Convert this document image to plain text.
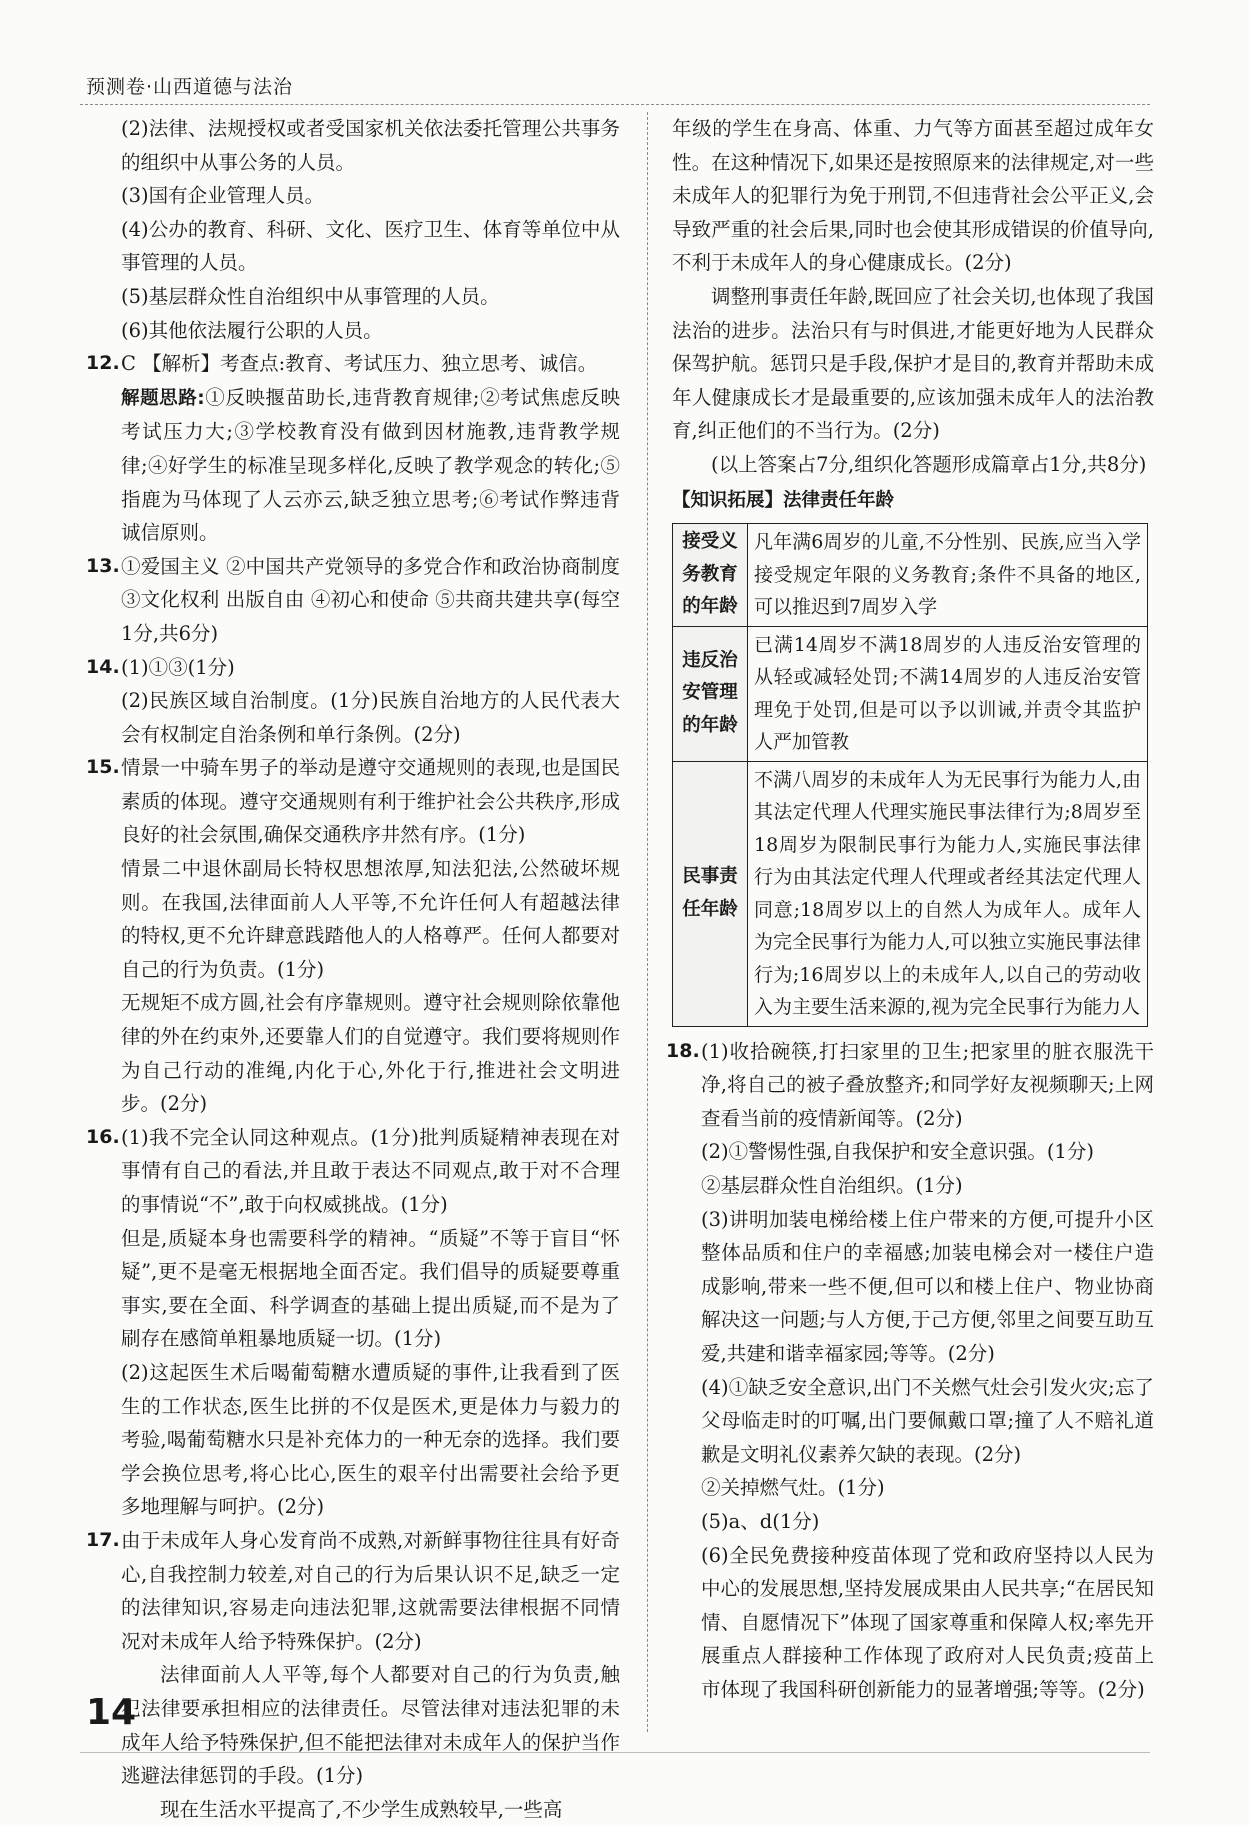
预测卷·山西道德与法治

(2)法律、法规授权或者受国家机关依法委托管理公共事务的组织中从事公务的人员。

(3)国有企业管理人员。

(4)公办的教育、科研、文化、医疗卫生、体育等单位中从事管理的人员。

(5)基层群众性自治组织中从事管理的人员。

(6)其他依法履行公职的人员。

12. C 【解析】考查点:教育、考试压力、独立思考、诚信。

解题思路:①反映揠苗助长,违背教育规律;②考试焦虑反映考试压力大;③学校教育没有做到因材施教,违背教学规律;④好学生的标准呈现多样化,反映了教学观念的转化;⑤指鹿为马体现了人云亦云,缺乏独立思考;⑥考试作弊违背诚信原则。

13. ①爱国主义 ②中国共产党领导的多党合作和政治协商制度 ③文化权利 出版自由 ④初心和使命 ⑤共商共建共享(每空1分,共6分)

14. (1)①③(1分)

(2)民族区域自治制度。(1分)民族自治地方的人民代表大会有权制定自治条例和单行条例。(2分)

15. 情景一中骑车男子的举动是遵守交通规则的表现,也是国民素质的体现。遵守交通规则有利于维护社会公共秩序,形成良好的社会氛围,确保交通秩序井然有序。(1分)

情景二中退休副局长特权思想浓厚,知法犯法,公然破坏规则。在我国,法律面前人人平等,不允许任何人有超越法律的特权,更不允许肆意践踏他人的人格尊严。任何人都要对自己的行为负责。(1分)

无规矩不成方圆,社会有序靠规则。遵守社会规则除依靠他律的外在约束外,还要靠人们的自觉遵守。我们要将规则作为自己行动的准绳,内化于心,外化于行,推进社会文明进步。(2分)

16. (1)我不完全认同这种观点。(1分)批判质疑精神表现在对事情有自己的看法,并且敢于表达不同观点,敢于对不合理的事情说“不”,敢于向权威挑战。(1分)

但是,质疑本身也需要科学的精神。“质疑”不等于盲目“怀疑”,更不是毫无根据地全面否定。我们倡导的质疑要尊重事实,要在全面、科学调查的基础上提出质疑,而不是为了刷存在感简单粗暴地质疑一切。(1分)

(2)这起医生术后喝葡萄糖水遭质疑的事件,让我看到了医生的工作状态,医生比拼的不仅是医术,更是体力与毅力的考验,喝葡萄糖水只是补充体力的一种无奈的选择。我们要学会换位思考,将心比心,医生的艰辛付出需要社会给予更多地理解与呵护。(2分)

17. 由于未成年人身心发育尚不成熟,对新鲜事物往往具有好奇心,自我控制力较差,对自己的行为后果认识不足,缺乏一定的法律知识,容易走向违法犯罪,这就需要法律根据不同情况对未成年人给予特殊保护。(2分)

法律面前人人平等,每个人都要对自己的行为负责,触犯法律要承担相应的法律责任。尽管法律对违法犯罪的未成年人给予特殊保护,但不能把法律对未成年人的保护当作逃避法律惩罚的手段。(1分)

现在生活水平提高了,不少学生成熟较早,一些高

年级的学生在身高、体重、力气等方面甚至超过成年女性。在这种情况下,如果还是按照原来的法律规定,对一些未成年人的犯罪行为免于刑罚,不但违背社会公平正义,会导致严重的社会后果,同时也会使其形成错误的价值导向,不利于未成年人的身心健康成长。(2分)

调整刑事责任年龄,既回应了社会关切,也体现了我国法治的进步。法治只有与时俱进,才能更好地为人民群众保驾护航。惩罚只是手段,保护才是目的,教育并帮助未成年人健康成长才是最重要的,应该加强未成年人的法治教育,纠正他们的不当行为。(2分)

(以上答案占7分,组织化答题形成篇章占1分,共8分)

【知识拓展】法律责任年龄

接受义务教育的年龄	凡年满6周岁的儿童,不分性别、民族,应当入学接受规定年限的义务教育;条件不具备的地区,可以推迟到7周岁入学
违反治安管理的年龄	已满14周岁不满18周岁的人违反治安管理的从轻或减轻处罚;不满14周岁的人违反治安管理免于处罚,但是可以予以训诫,并责令其监护人严加管教
民事责任年龄	不满八周岁的未成年人为无民事行为能力人,由其法定代理人代理实施民事法律行为;8周岁至18周岁为限制民事行为能力人,实施民事法律行为由其法定代理人代理或者经其法定代理人同意;18周岁以上的自然人为成年人。成年人为完全民事行为能力人,可以独立实施民事法律行为;16周岁以上的未成年人,以自己的劳动收入为主要生活来源的,视为完全民事行为能力人
18. (1)收拾碗筷,打扫家里的卫生;把家里的脏衣服洗干净,将自己的被子叠放整齐;和同学好友视频聊天;上网查看当前的疫情新闻等。(2分)

(2)①警惕性强,自我保护和安全意识强。(1分)

②基层群众性自治组织。(1分)

(3)讲明加装电梯给楼上住户带来的方便,可提升小区整体品质和住户的幸福感;加装电梯会对一楼住户造成影响,带来一些不便,但可以和楼上住户、物业协商解决这一问题;与人方便,于己方便,邻里之间要互助互爱,共建和谐幸福家园;等等。(2分)

(4)①缺乏安全意识,出门不关燃气灶会引发火灾;忘了父母临走时的叮嘱,出门要佩戴口罩;撞了人不赔礼道歉是文明礼仪素养欠缺的表现。(2分)

②关掉燃气灶。(1分)

(5)a、d(1分)

(6)全民免费接种疫苗体现了党和政府坚持以人民为中心的发展思想,坚持发展成果由人民共享;“在居民知情、自愿情况下”体现了国家尊重和保障人权;率先开展重点人群接种工作体现了政府对人民负责;疫苗上市体现了我国科研创新能力的显著增强;等等。(2分)

14
